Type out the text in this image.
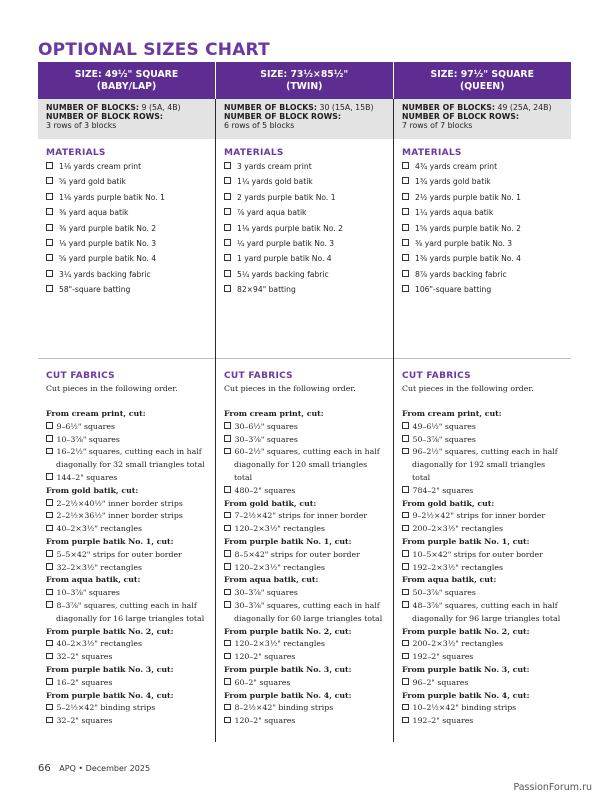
OPTIONAL SIZES CHART
SIZE: 49½" SQUARE
(BABY/LAP)
NUMBER OF BLOCKS: 9 (5A, 4B)
NUMBER OF BLOCK ROWS:
3 rows of 3 blocks
MATERIALS
1⅛ yards cream print
⅝ yard gold batik
1⅛ yards purple batik No. 1
⅜ yard aqua batik
⅜ yard purple batik No. 2
⅛ yard purple batik No. 3
⅝ yard purple batik No. 4
3¼ yards backing fabric
58"-square batting
CUT FABRICS
Cut pieces in the following order.
From cream print, cut:
9–6½" squares
10–3⅞" squares
16–2½" squares, cutting each in half diagonally for 32 small triangles total
144–2" squares
From gold batik, cut:
2–2½×40½" inner border strips
2–2½×36½" inner border strips
40–2×3½" rectangles
From purple batik No. 1, cut:
5–5×42" strips for outer border
32–2×3½" rectangles
From aqua batik, cut:
10–3⅞" squares
8–3⅞" squares, cutting each in half diagonally for 16 large triangles total
From purple batik No. 2, cut:
40–2×3½" rectangles
32–2" squares
From purple batik No. 3, cut:
16–2" squares
From purple batik No. 4, cut:
5–2½×42" binding strips
32–2" squares
SIZE: 73½×85½"
(TWIN)
NUMBER OF BLOCKS: 30 (15A, 15B)
NUMBER OF BLOCK ROWS:
6 rows of 5 blocks
MATERIALS
3 yards cream print
1¼ yards gold batik
2 yards purple batik No. 1
⅞ yard aqua batik
1⅛ yards purple batik No. 2
¼ yard purple batik No. 3
1 yard purple batik No. 4
5¼ yards backing fabric
82×94" batting
CUT FABRICS
Cut pieces in the following order.
From cream print, cut:
30–6½" squares
30–3⅞" squares
60–2½" squares, cutting each in half diagonally for 120 small triangles total
480–2" squares
From gold batik, cut:
7–2½×42" strips for inner border
120–2×3½" rectangles
From purple batik No. 1, cut:
8–5×42" strips for outer border
120–2×3½" rectangles
From aqua batik, cut:
30–3⅞" squares
30–3⅞" squares, cutting each in half diagonally for 60 large triangles total
From purple batik No. 2, cut:
120–2×3½" rectangles
120–2" squares
From purple batik No. 3, cut:
60–2" squares
From purple batik No. 4, cut:
8–2½×42" binding strips
120–2" squares
SIZE: 97½" SQUARE
(QUEEN)
NUMBER OF BLOCKS: 49 (25A, 24B)
NUMBER OF BLOCK ROWS:
7 rows of 7 blocks
MATERIALS
4¾ yards cream print
1¾ yards gold batik
2½ yards purple batik No. 1
1¼ yards aqua batik
1⅝ yards purple batik No. 2
⅜ yard purple batik No. 3
1⅜ yards purple batik No. 4
8⅞ yards backing fabric
106"-square batting
CUT FABRICS
Cut pieces in the following order.
From cream print, cut:
49–6½" squares
50–3⅞" squares
96–2½" squares, cutting each in half diagonally for 192 small triangles total
784–2" squares
From gold batik, cut:
9–2½×42" strips for inner border
200–2×3½" rectangles
From purple batik No. 1, cut:
10–5×42" strips for outer border
192–2×3½" rectangles
From aqua batik, cut:
50–3⅞" squares
48–3⅞" squares, cutting each in half diagonally for 96 large triangles total
From purple batik No. 2, cut:
200–2×3½" rectangles
192–2" squares
From purple batik No. 3, cut:
96–2" squares
From purple batik No. 4, cut:
10–2½×42" binding strips
192–2" squares
66 APQ • December 2025
PassionForum.ru
